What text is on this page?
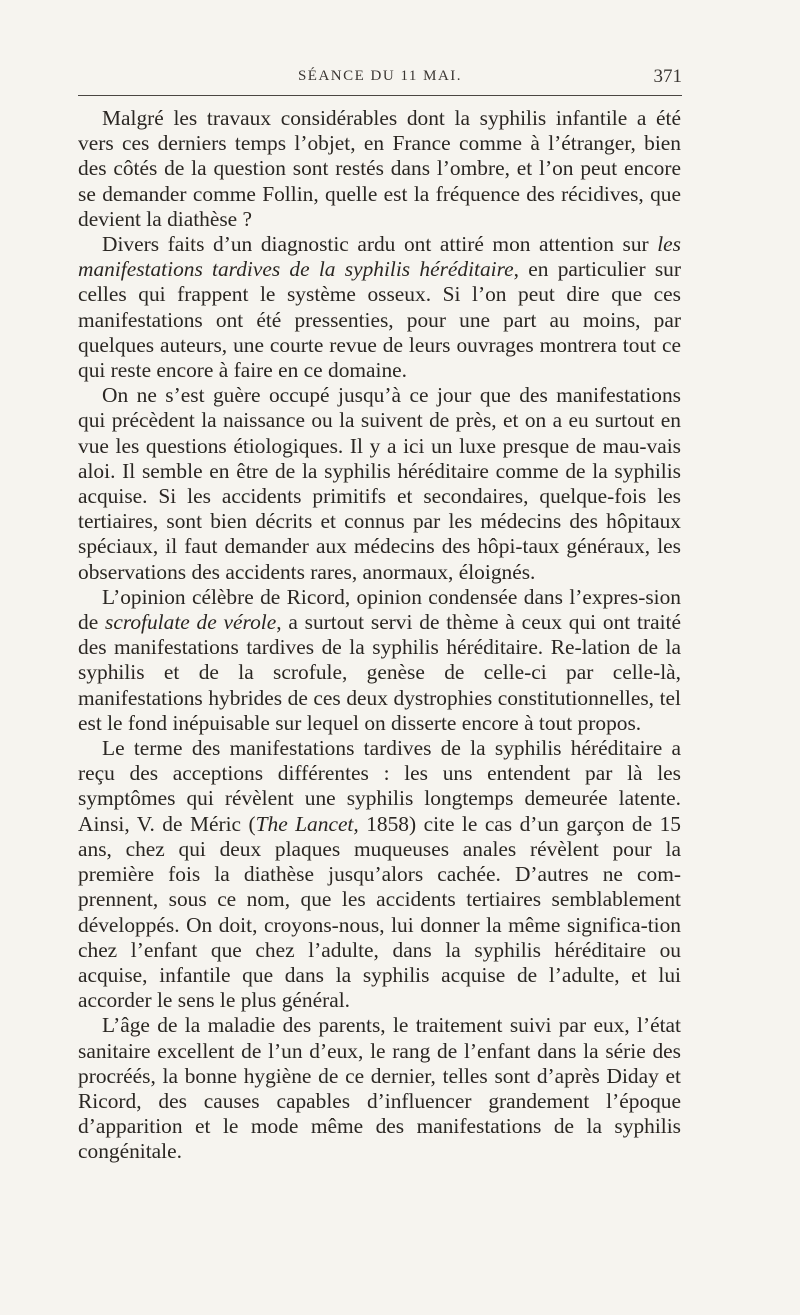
SÉANCE DU 11 MAI.	371

Malgré les travaux considérables dont la syphilis infantile a été vers ces derniers temps l’objet, en France comme à l’étranger, bien des côtés de la question sont restés dans l’ombre, et l’on peut encore se demander comme Follin, quelle est la fréquence des récidives, que devient la diathèse ?

Divers faits d’un diagnostic ardu ont attiré mon attention sur les manifestations tardives de la syphilis héréditaire, en particulier sur celles qui frappent le système osseux. Si l’on peut dire que ces manifestations ont été pressenties, pour une part au moins, par quelques auteurs, une courte revue de leurs ouvrages montrera tout ce qui reste encore à faire en ce domaine.

On ne s’est guère occupé jusqu’à ce jour que des manifestations qui précèdent la naissance ou la suivent de près, et on a eu surtout en vue les questions étiologiques. Il y a ici un luxe presque de mau-vais aloi. Il semble en être de la syphilis héréditaire comme de la syphilis acquise. Si les accidents primitifs et secondaires, quelque-fois les tertiaires, sont bien décrits et connus par les médecins des hôpitaux spéciaux, il faut demander aux médecins des hôpi-taux généraux, les observations des accidents rares, anormaux, éloignés.

L’opinion célèbre de Ricord, opinion condensée dans l’expres-sion de scrofulate de vérole, a surtout servi de thème à ceux qui ont traité des manifestations tardives de la syphilis héréditaire. Re-lation de la syphilis et de la scrofule, genèse de celle-ci par celle-là, manifestations hybrides de ces deux dystrophies constitutionnelles, tel est le fond inépuisable sur lequel on disserte encore à tout propos.

Le terme des manifestations tardives de la syphilis héréditaire a reçu des acceptions différentes : les uns entendent par là les symptômes qui révèlent une syphilis longtemps demeurée latente. Ainsi, V. de Méric (The Lancet, 1858) cite le cas d’un garçon de 15 ans, chez qui deux plaques muqueuses anales révèlent pour la première fois la diathèse jusqu’alors cachée. D’autres ne com-prennent, sous ce nom, que les accidents tertiaires semblablement développés. On doit, croyons-nous, lui donner la même significa-tion chez l’enfant que chez l’adulte, dans la syphilis héréditaire ou acquise, infantile que dans la syphilis acquise de l’adulte, et lui accorder le sens le plus général.

L’âge de la maladie des parents, le traitement suivi par eux, l’état sanitaire excellent de l’un d’eux, le rang de l’enfant dans la série des procréés, la bonne hygiène de ce dernier, telles sont d’après Diday et Ricord, des causes capables d’influencer grandement l’époque d’apparition et le mode même des manifestations de la syphilis congénitale.
